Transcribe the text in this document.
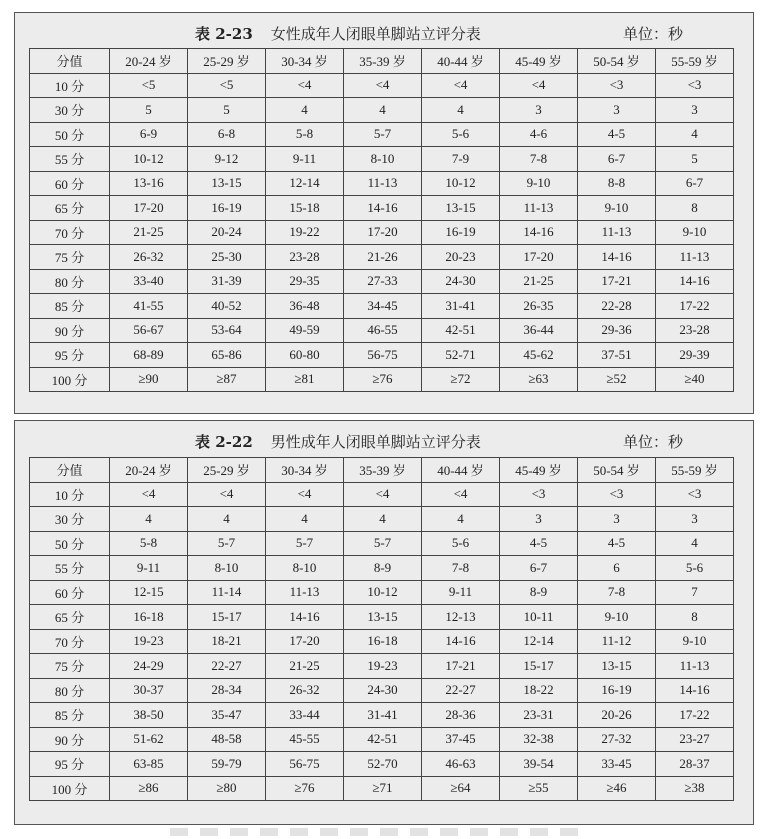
表 2-23 女性成年人闭眼单脚站立评分表	单位：秒
分值	20-24 岁	25-29 岁	30-34 岁	35-39 岁	40-44 岁	45-49 岁	50-54 岁	55-59 岁
10 分	<5	<5	<4	<4	<4	<4	<3	<3
30 分	5	5	4	4	4	3	3	3
50 分	6-9	6-8	5-8	5-7	5-6	4-6	4-5	4
55 分	10-12	9-12	9-11	8-10	7-9	7-8	6-7	5
60 分	13-16	13-15	12-14	11-13	10-12	9-10	8-8	6-7
65 分	17-20	16-19	15-18	14-16	13-15	11-13	9-10	8
70 分	21-25	20-24	19-22	17-20	16-19	14-16	11-13	9-10
75 分	26-32	25-30	23-28	21-26	20-23	17-20	14-16	11-13
80 分	33-40	31-39	29-35	27-33	24-30	21-25	17-21	14-16
85 分	41-55	40-52	36-48	34-45	31-41	26-35	22-28	17-22
90 分	56-67	53-64	49-59	46-55	42-51	36-44	29-36	23-28
95 分	68-89	65-86	60-80	56-75	52-71	45-62	37-51	29-39
100 分	≥90	≥87	≥81	≥76	≥72	≥63	≥52	≥40
表 2-22 男性成年人闭眼单脚站立评分表	单位：秒
分值	20-24 岁	25-29 岁	30-34 岁	35-39 岁	40-44 岁	45-49 岁	50-54 岁	55-59 岁
10 分	<4	<4	<4	<4	<4	<3	<3	<3
30 分	4	4	4	4	4	3	3	3
50 分	5-8	5-7	5-7	5-7	5-6	4-5	4-5	4
55 分	9-11	8-10	8-10	8-9	7-8	6-7	6	5-6
60 分	12-15	11-14	11-13	10-12	9-11	8-9	7-8	7
65 分	16-18	15-17	14-16	13-15	12-13	10-11	9-10	8
70 分	19-23	18-21	17-20	16-18	14-16	12-14	11-12	9-10
75 分	24-29	22-27	21-25	19-23	17-21	15-17	13-15	11-13
80 分	30-37	28-34	26-32	24-30	22-27	18-22	16-19	14-16
85 分	38-50	35-47	33-44	31-41	28-36	23-31	20-26	17-22
90 分	51-62	48-58	45-55	42-51	37-45	32-38	27-32	23-27
95 分	63-85	59-79	56-75	52-70	46-63	39-54	33-45	28-37
100 分	≥86	≥80	≥76	≥71	≥64	≥55	≥46	≥38
